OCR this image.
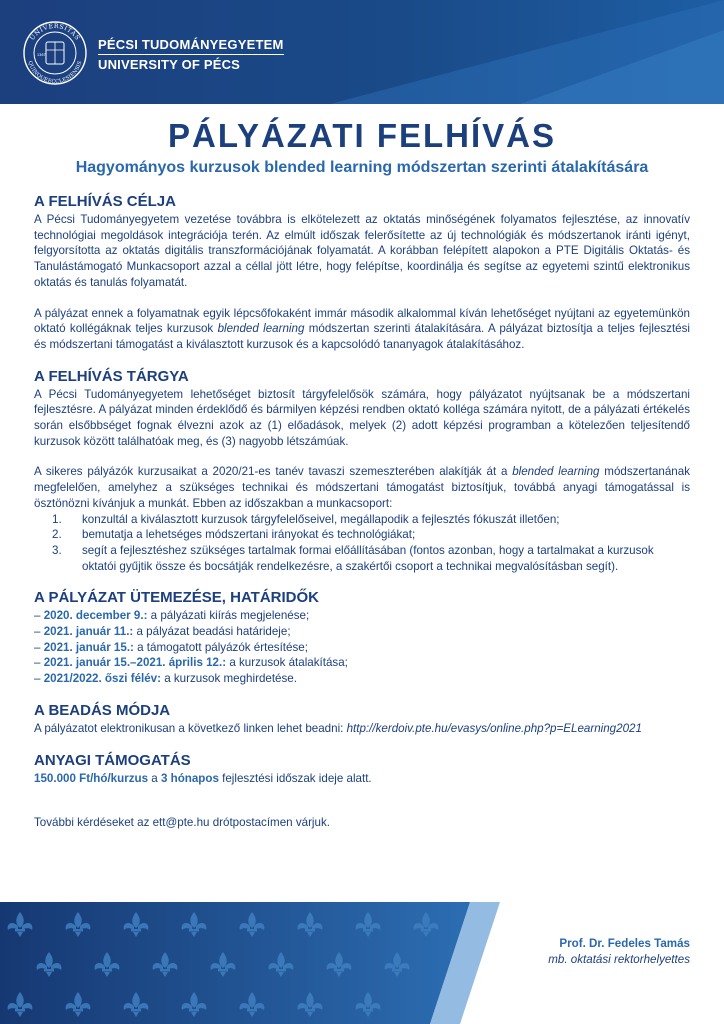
UNIVERSITAS
QUINQUEECCLESIENSIS
1367
PÉCSI TUDOMÁNYEGYETEM
UNIVERSITY OF PÉCS
PÁLYÁZATI FELHÍVÁS
Hagyományos kurzusok blended learning módszertan szerinti átalakítására
A FELHÍVÁS CÉLJA

A Pécsi Tudományegyetem vezetése továbbra is elkötelezett az oktatás minőségének folyamatos fejlesztése, az innovatív technológiai megoldások integrációja terén. Az elmúlt időszak felerősítette az új technológiák és módszertanok iránti igényt, felgyorsította az oktatás digitális transzformációjának folyamatát. A korábban felépített alapokon a PTE Digitális Oktatás- és Tanulástámogató Munkacsoport azzal a céllal jött létre, hogy felépítse, koordinálja és segítse az egyetemi szintű elektronikus oktatás és tanulás folyamatát.

A pályázat ennek a folyamatnak egyik lépcsőfokaként immár második alkalommal kíván lehetőséget nyújtani az egyetemünkön oktató kollégáknak teljes kurzusok blended learning módszertan szerinti átalakítására. A pályázat biztosítja a teljes fejlesztési és módszertani támogatást a kiválasztott kurzusok és a kapcsolódó tananyagok átalakításához.

A FELHÍVÁS TÁRGYA

A Pécsi Tudományegyetem lehetőséget biztosít tárgyfelelősök számára, hogy pályázatot nyújtsanak be a módszertani fejlesztésre. A pályázat minden érdeklődő és bármilyen képzési rendben oktató kolléga számára nyitott, de a pályázati értékelés során elsőbbséget fognak élvezni azok az (1) előadások, melyek (2) adott képzési programban a kötelezően teljesítendő kurzusok között találhatóak meg, és (3) nagyobb létszámúak.

A sikeres pályázók kurzusaikat a 2020/21-es tanév tavaszi szemeszterében alakítják át a blended learning módszertanának megfelelően, amelyhez a szükséges technikai és módszertani támogatást biztosítjuk, továbbá anyagi támogatással is ösztönözni kívánjuk a munkát. Ebben az időszakban a munkacsoport:

1. konzultál a kiválasztott kurzusok tárgyfelelőseivel, megállapodik a fejlesztés fókuszát illetően;
2. bemutatja a lehetséges módszertani irányokat és technológiákat;
3. segít a fejlesztéshez szükséges tartalmak formai előállításában (fontos azonban, hogy a tartalmakat a kurzusok oktatói gyűjtik össze és bocsátják rendelkezésre, a szakértői csoport a technikai megvalósításban segít).
A PÁLYÁZAT ÜTEMEZÉSE, HATÁRIDŐK
– 2020. december 9.: a pályázati kiírás megjelenése;
– 2021. január 11.: a pályázat beadási határideje;
– 2021. január 15.: a támogatott pályázók értesítése;
– 2021. január 15.–2021. április 12.: a kurzusok átalakítása;
– 2021/2022. őszi félév: a kurzusok meghirdetése.
A BEADÁS MÓDJA

A pályázatot elektronikusan a következő linken lehet beadni: http://kerdoiv.pte.hu/evasys/online.php?p=ELearning2021

ANYAGI TÁMOGATÁS

150.000 Ft/hó/kurzus a 3 hónapos fejlesztési időszak ideje alatt.

További kérdéseket az ett@pte.hu drótpostacímen várjuk.

Prof. Dr. Fedeles Tamás
mb. oktatási rektorhelyettes
